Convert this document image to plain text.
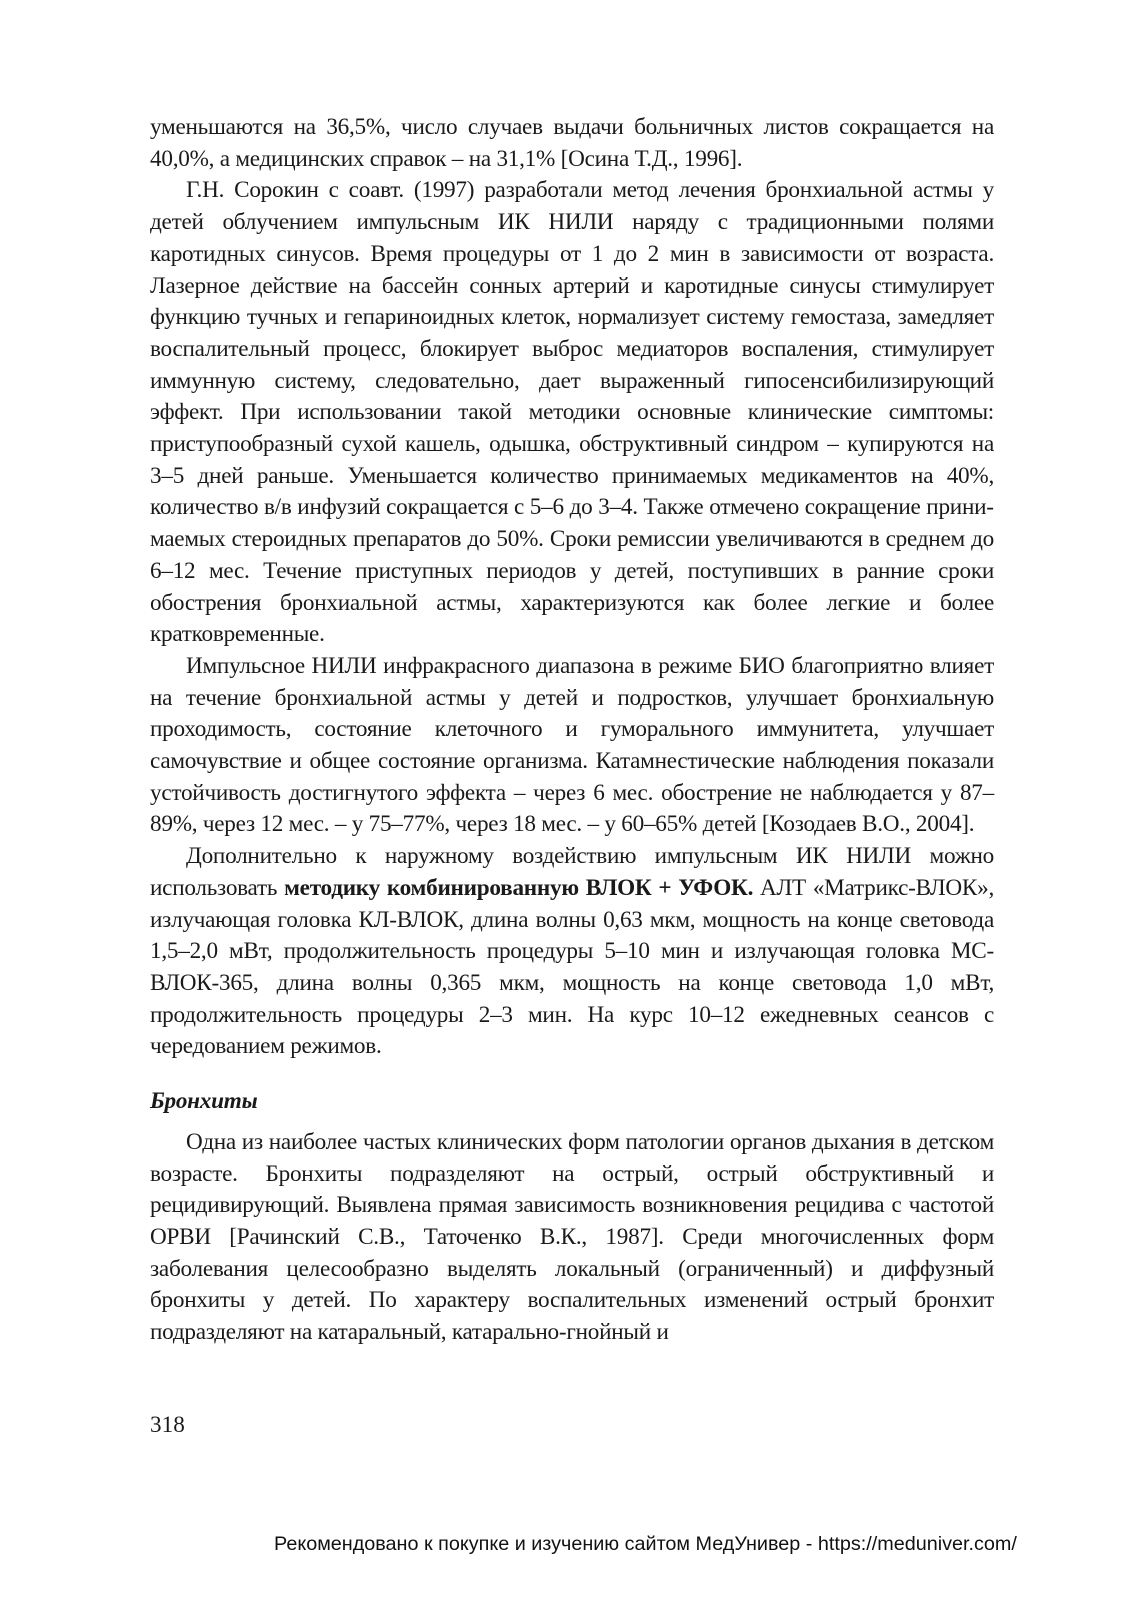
уменьшаются на 36,5%, число случаев выдачи больничных листов сокращается на 40,0%, а медицинских справок – на 31,1% [Осина Т.Д., 1996].

Г.Н. Сорокин с соавт. (1997) разработали метод лечения бронхиальной астмы у детей облучением импульсным ИК НИЛИ наряду с традиционными полями каротидных синусов. Время процедуры от 1 до 2 мин в зависимости от возраста. Лазерное действие на бассейн сонных артерий и каротидные синусы стимулирует функцию тучных и гепариноидных клеток, нормализует систему гемостаза, замедляет воспалительный процесс, блокирует выброс медиаторов воспаления, стимулирует иммунную систему, следовательно, дает выраженный гипосенсибилизирующий эффект. При использовании такой методики основные клинические симптомы: приступообразный сухой кашель, одышка, обструктивный синдром – купируются на 3–5 дней раньше. Уменьшается количество принимаемых медикаментов на 40%, количество в/в инфузий сокращается с 5–6 до 3–4. Также отмечено сокращение принимаемых стероидных препаратов до 50%. Сроки ремиссии увеличиваются в среднем до 6–12 мес. Течение приступных периодов у детей, поступивших в ранние сроки обострения бронхиальной астмы, характеризуются как более легкие и более кратковременные.

Импульсное НИЛИ инфракрасного диапазона в режиме БИО благоприятно влияет на течение бронхиальной астмы у детей и подростков, улучшает бронхиальную проходимость, состояние клеточного и гуморального иммунитета, улучшает самочувствие и общее состояние организма. Катамнестические наблюдения показали устойчивость достигнутого эффекта – через 6 мес. обострение не наблюдается у 87–89%, через 12 мес. – у 75–77%, через 18 мес. – у 60–65% детей [Козодаев В.О., 2004].

Дополнительно к наружному воздействию импульсным ИК НИЛИ можно использовать методику комбинированную ВЛОК + УФОК. АЛТ «Матрикс-ВЛОК», излучающая головка КЛ-ВЛОК, длина волны 0,63 мкм, мощность на конце световода 1,5–2,0 мВт, продолжительность процедуры 5–10 мин и излучающая головка МС-ВЛОК-365, длина волны 0,365 мкм, мощность на конце световода 1,0 мВт, продолжительность процедуры 2–3 мин. На курс 10–12 ежедневных сеансов с чередованием режимов.

Бронхиты

Одна из наиболее частых клинических форм патологии органов дыхания в детском возрасте. Бронхиты подразделяют на острый, острый обструктивный и рецидивирующий. Выявлена прямая зависимость возникновения рецидива с частотой ОРВИ [Рачинский С.В., Таточенко В.К., 1987]. Среди многочисленных форм заболевания целесообразно выделять локальный (ограниченный) и диффузный бронхиты у детей. По характеру воспалительных изменений острый бронхит подразделяют на катаральный, катарально-гнойный и

318
Рекомендовано к покупке и изучению сайтом МедУнивер - https://meduniver.com/
